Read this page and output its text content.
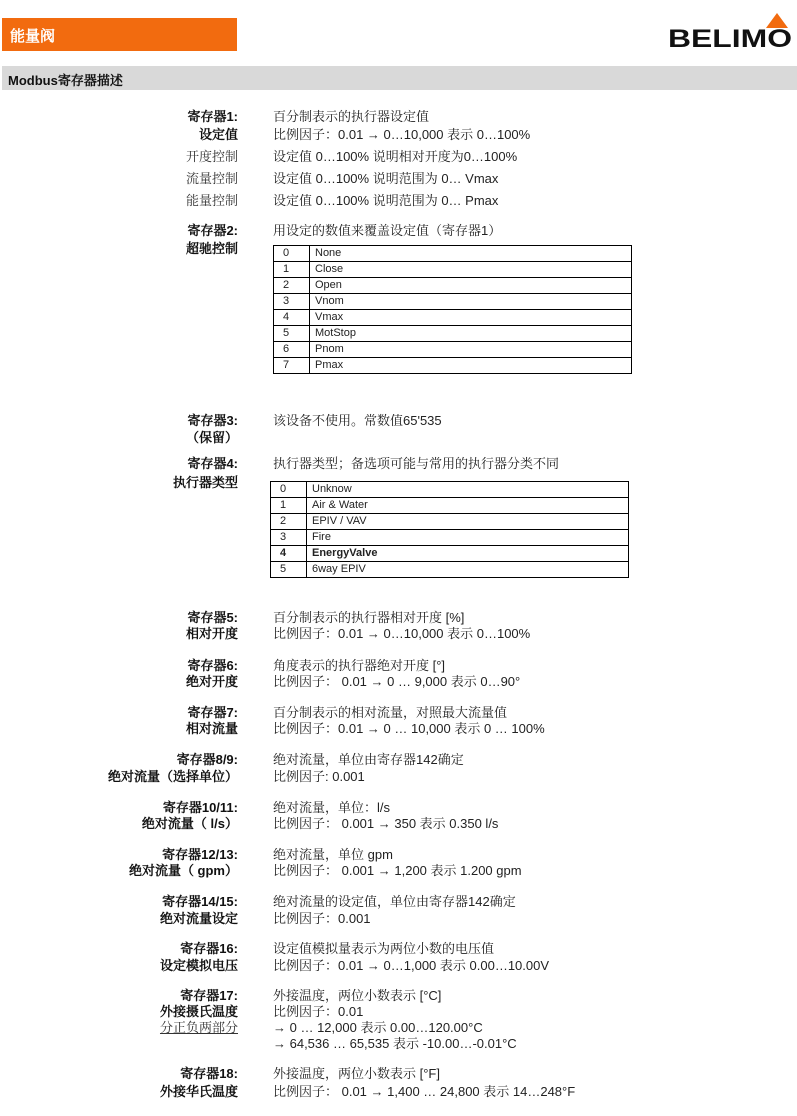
能量阀	BELIMO
Modbus寄存器描述
寄存器1:
设定值
百分制表示的执行器设定值
比例因子：0.01 → 0…10,000 表示 0…100%
开度控制	设定值 0…100% 说明相对开度为0…100%
流量控制	设定值 0…100% 说明范围为 0… Vmax
能量控制	设定值 0…100% 说明范围为 0… Pmax
寄存器2:
超驰控制
用设定的数值来覆盖设定值（寄存器1）
0	None
1	Close
2	Open
3	Vnom
4	Vmax
5	MotStop
6	Pnom
7	Pmax
寄存器3:
（保留）
该设备不使用。常数值65'535
寄存器4:
执行器类型
执行器类型；备选项可能与常用的执行器分类不同
0	Unknow
1	Air & Water
2	EPIV / VAV
3	Fire
4	EnergyValve
5	6way EPIV
寄存器5:
相对开度
百分制表示的执行器相对开度 [%]
比例因子：0.01 → 0…10,000 表示 0…100%
寄存器6:
绝对开度
角度表示的执行器绝对开度 [°]
比例因子： 0.01 → 0 … 9,000 表示 0…90°
寄存器7:
相对流量
百分制表示的相对流量，对照最大流量值
比例因子：0.01 → 0 … 10,000 表示 0 … 100%
寄存器8/9:
绝对流量（选择单位）
绝对流量，单位由寄存器142确定
比例因子: 0.001
寄存器10/11:
绝对流量（ l/s）
绝对流量，单位：l/s
比例因子： 0.001 → 350 表示 0.350 l/s
寄存器12/13:
绝对流量（ gpm）
绝对流量，单位 gpm
比例因子： 0.001 → 1,200 表示 1.200 gpm
寄存器14/15:
绝对流量设定
绝对流量的设定值，单位由寄存器142确定
比例因子：0.001
寄存器16:
设定模拟电压
设定值模拟量表示为两位小数的电压值
比例因子：0.01 → 0…1,000 表示 0.00…10.00V
寄存器17:
外接摄氏温度
分正负两部分
外接温度，两位小数表示 [°C]
比例因子：0.01
→ 0 … 12,000 表示 0.00…120.00°C
→ 64,536 … 65,535 表示 -10.00…-0.01°C
寄存器18:
外接华氏温度
外接温度，两位小数表示 [°F]
比例因子： 0.01 → 1,400 … 24,800 表示 14…248°F
